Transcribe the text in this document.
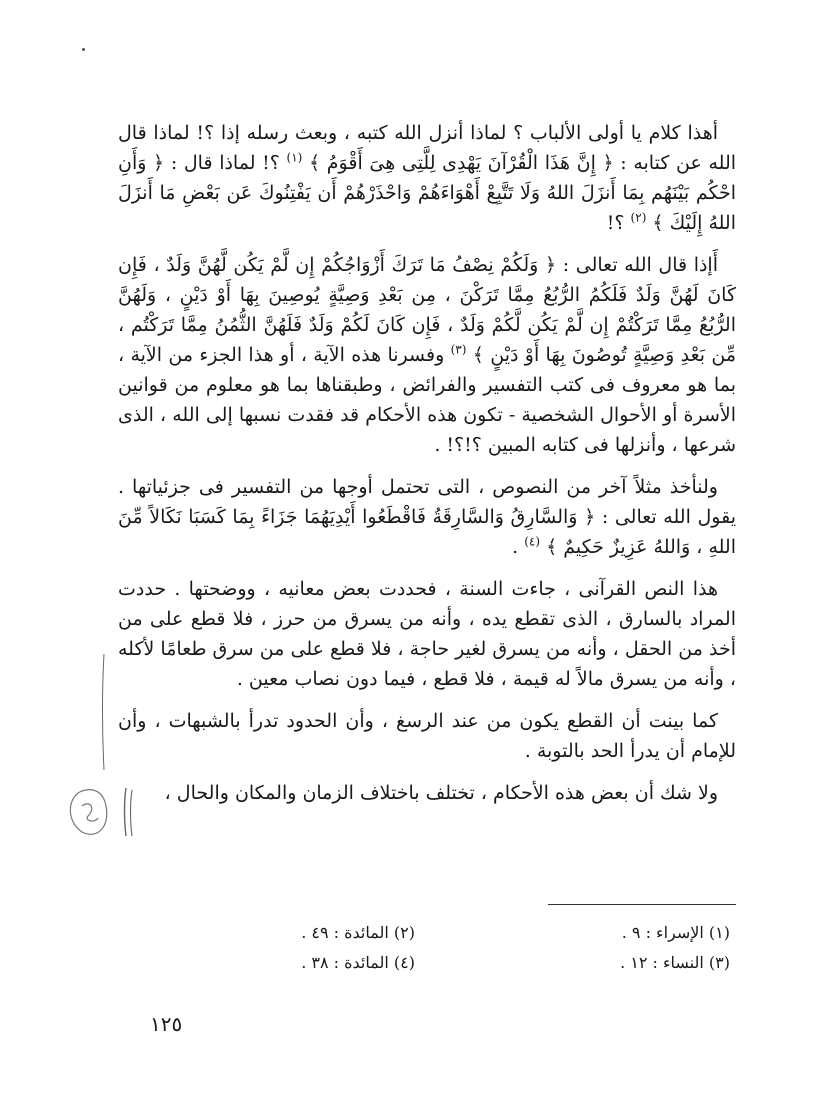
أهذا كلام يا أولى الألباب ؟ لماذا أنزل الله كتبه ، وبعث رسله إذا ؟! لماذا قال الله عن كتابه : ﴿ إِنَّ هَذَا الْقُرْآنَ يَهْدِى لِلَّتِى هِىَ أَقْوَمُ ﴾ $^{(١)}$ ؟! لماذا قال : ﴿ وَأَنِ احْكُم بَيْنَهُم بِمَا أَنزَلَ اللهُ وَلَا تَتَّبِعْ أَهْوَاءَهُمْ وَاحْذَرْهُمْ أَن يَفْتِنُوكَ عَن بَعْضِ مَا أَنزَلَ اللهُ إِلَيْكَ ﴾ $^{(٢)}$ ؟!

أَإذا قال الله تعالى : ﴿ وَلَكُمْ نِصْفُ مَا تَرَكَ أَزْوَاجُكُمْ إِن لَّمْ يَكُن لَّهُنَّ وَلَدٌ ، فَإِن كَانَ لَهُنَّ وَلَدٌ فَلَكُمُ الرُّبُعُ مِمَّا تَرَكْنَ ، مِن بَعْدِ وَصِيَّةٍ يُوصِينَ بِهَا أَوْ دَيْنٍ ، وَلَهُنَّ الرُّبُعُ مِمَّا تَرَكْتُمْ إِن لَّمْ يَكُن لَّكُمْ وَلَدٌ ، فَإِن كَانَ لَكُمْ وَلَدٌ فَلَهُنَّ الثُّمُنُ مِمَّا تَرَكْتُم ، مِّن بَعْدِ وَصِيَّةٍ تُوصُونَ بِهَا أَوْ دَيْنٍ ﴾ $^{(٣)}$ وفسرنا هذه الآية ، أو هذا الجزء من الآية ، بما هو معروف فى كتب التفسير والفرائض ، وطبقناها بما هو معلوم من قوانين الأسرة أو الأحوال الشخصية - تكون هذه الأحكام قد فقدت نسبها إلى الله ، الذى شرعها ، وأنزلها فى كتابه المبين ؟!؟! .

ولنأخذ مثلاً آخر من النصوص ، التى تحتمل أوجها من التفسير فى جزئياتها . يقول الله تعالى : ﴿ وَالسَّارِقُ وَالسَّارِقَةُ فَاقْطَعُوا أَيْدِيَهُمَا جَزَاءً بِمَا كَسَبَا نَكَالاً مِّنَ اللهِ ، وَاللهُ عَزِيزٌ حَكِيمٌ ﴾ $^{(٤)}$ .

هذا النص القرآنى ، جاءت السنة ، فحددت بعض معانيه ، ووضحتها . حددت المراد بالسارق ، الذى تقطع يده ، وأنه من يسرق من حرز ، فلا قطع على من أخذ من الحقل ، وأنه من يسرق لغير حاجة ، فلا قطع على من سرق طعامًا لأكله ، وأنه من يسرق مالاً له قيمة ، فلا قطع ، فيما دون نصاب معين .

كما بينت أن القطع يكون من عند الرسغ ، وأن الحدود تدرأ بالشبهات ، وأن للإمام أن يدرأ الحد بالتوبة .

ولا شك أن بعض هذه الأحكام ، تختلف باختلاف الزمان والمكان والحال ،

(١) الإسراء : ٩ .
(٢) المائدة : ٤٩ .
(٣) النساء : ١٢ .
(٤) المائدة : ٣٨ .
١٢٥
